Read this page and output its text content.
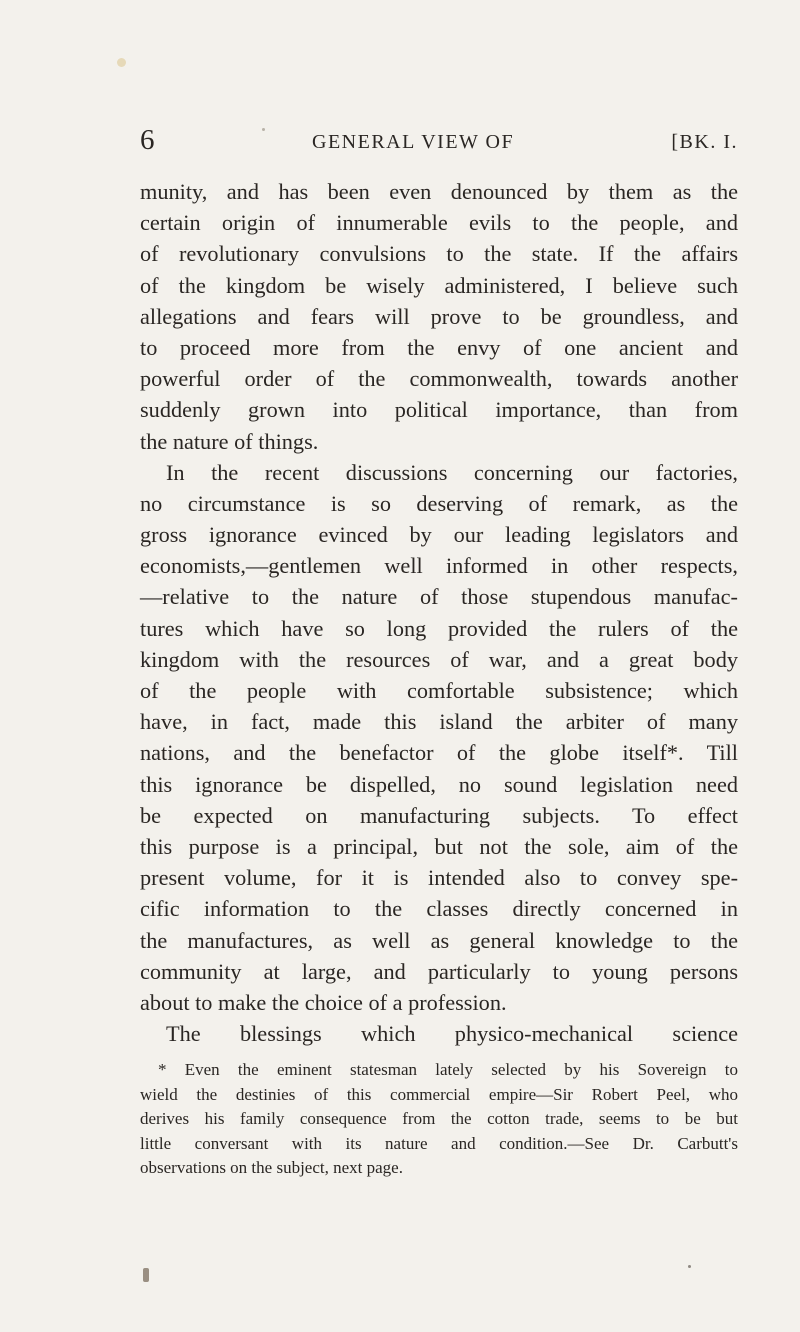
6	GENERAL VIEW OF	[BK. I.
munity, and has been even denounced by them as the
certain origin of innumerable evils to the people, and
of revolutionary convulsions to the state. If the affairs
of the kingdom be wisely administered, I believe such
allegations and fears will prove to be groundless, and
to proceed more from the envy of one ancient and
powerful order of the commonwealth, towards another
suddenly grown into political importance, than from
the nature of things.
In the recent discussions concerning our factories,
no circumstance is so deserving of remark, as the
gross ignorance evinced by our leading legislators and
economists,—gentlemen well informed in other respects,
—relative to the nature of those stupendous manufac-
tures which have so long provided the rulers of the
kingdom with the resources of war, and a great body
of the people with comfortable subsistence; which
have, in fact, made this island the arbiter of many
nations, and the benefactor of the globe itself*. Till
this ignorance be dispelled, no sound legislation need
be expected on manufacturing subjects. To effect
this purpose is a principal, but not the sole, aim of the
present volume, for it is intended also to convey spe-
cific information to the classes directly concerned in
the manufactures, as well as general knowledge to the
community at large, and particularly to young persons
about to make the choice of a profession.
The blessings which physico-mechanical science
* Even the eminent statesman lately selected by his Sovereign to
wield the destinies of this commercial empire—Sir Robert Peel, who
derives his family consequence from the cotton trade, seems to be but
little conversant with its nature and condition.—See Dr. Carbutt's
observations on the subject, next page.
